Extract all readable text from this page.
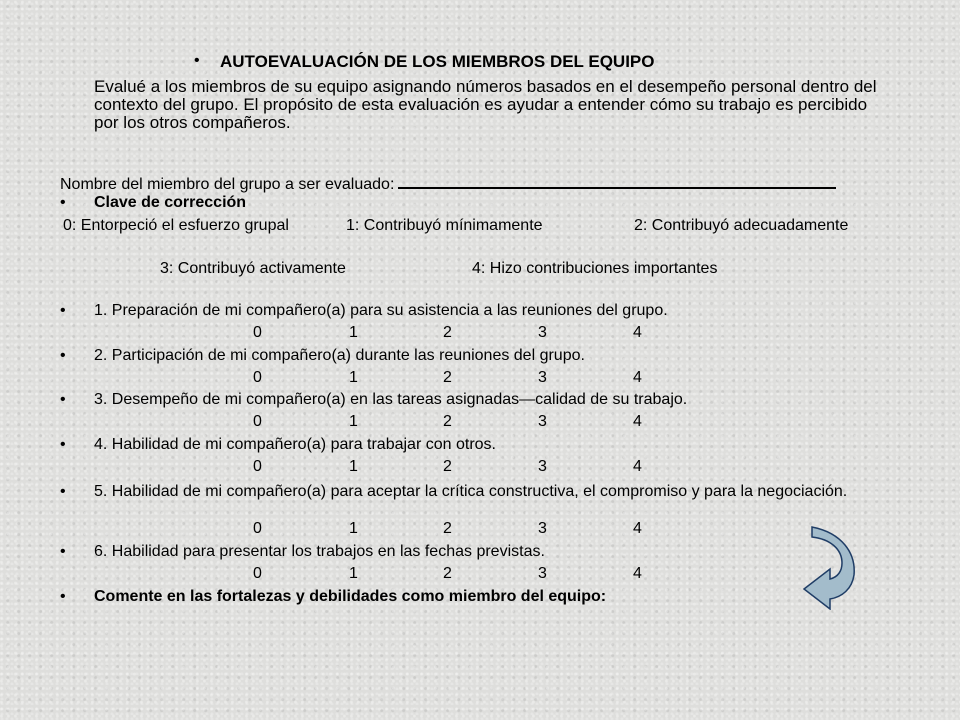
• AUTOEVALUACIÓN DE LOS MIEMBROS DEL EQUIPO
Evalué a los miembros de su equipo asignando números basados en el desempeño personal dentro del contexto del grupo. El propósito de esta evaluación es ayudar a entender cómo su trabajo es percibido por los otros compañeros.
Nombre del miembro del grupo a ser evaluado:
• Clave de corrección
0: Entorpeció el esfuerzo grupal	1: Contribuyó mínimamente	2: Contribuyó adecuadamente
3: Contribuyó activamente	4: Hizo contribuciones importantes
• 1. Preparación de mi compañero(a) para su asistencia a las reuniones del grupo.
0	1	2	3	4
• 2. Participación de mi compañero(a) durante las reuniones del grupo.
0	1	2	3	4
• 3. Desempeño de mi compañero(a) en las tareas asignadas—calidad de su trabajo.
0	1	2	3	4
• 4. Habilidad de mi compañero(a) para trabajar con otros.
0	1	2	3	4
• 5. Habilidad de mi compañero(a) para aceptar la crítica constructiva, el compromiso y para la negociación.
0	1	2	3	4
• 6. Habilidad para presentar los trabajos en las fechas previstas.
0	1	2	3	4
• Comente en las fortalezas y debilidades como miembro del equipo:
